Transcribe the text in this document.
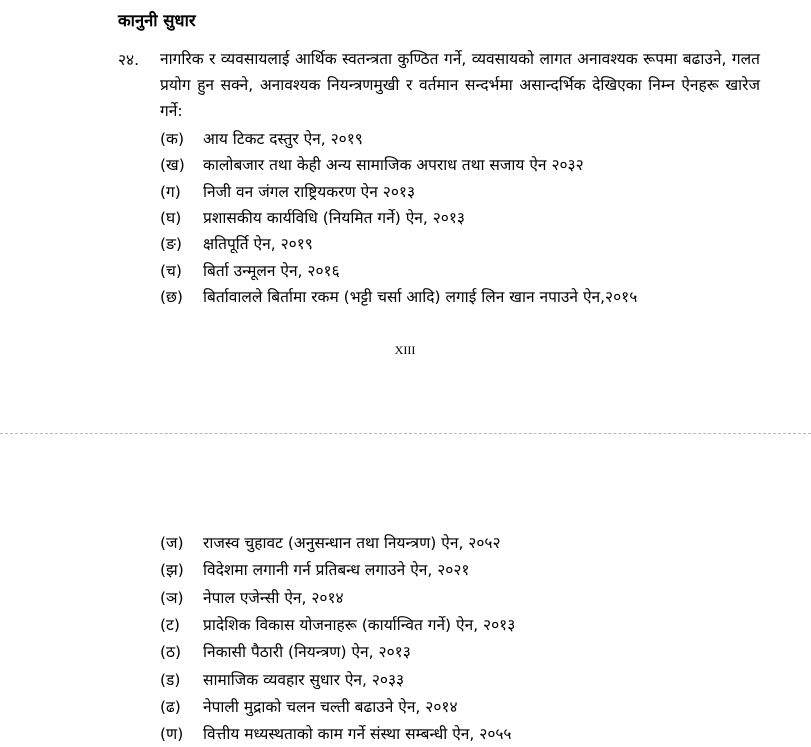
कानुनी सुधार
२४. नागरिक र व्यवसायलाई आर्थिक स्वतन्त्रता कुण्ठित गर्ने, व्यवसायको लागत अनावश्यक रूपमा बढाउने, गलत प्रयोग हुन सक्ने, अनावश्यक नियन्त्रणमुखी र वर्तमान सन्दर्भमा असान्दर्भिक देखिएका निम्न ऐनहरू खारेज गर्ने:

(क)	आय टिकट दस्तुर ऐन, २०१९
(ख)	कालोबजार तथा केही अन्य सामाजिक अपराध तथा सजाय ऐन २०३२
(ग)	निजी वन जंगल राष्ट्रियकरण ऐन २०१३
(घ)	प्रशासकीय कार्यविधि (नियमित गर्ने) ऐन, २०१३
(ङ)	क्षतिपूर्ति ऐन, २०१९
(च)	बिर्ता उन्मूलन ऐन, २०१६
(छ)	बिर्तावालले बिर्तामा रकम (भट्टी चर्सा आदि) लगाई लिन खान नपाउने ऐन,२०१५
XIII
(ज)	राजस्व चुहावट (अनुसन्धान तथा नियन्त्रण) ऐन, २०५२
(झ)	विदेशमा लगानी गर्न प्रतिबन्ध लगाउने ऐन, २०२१
(ञ)	नेपाल एजेन्सी ऐन, २०१४
(ट)	प्रादेशिक विकास योजनाहरू (कार्यान्वित गर्ने) ऐन, २०१३
(ठ)	निकासी पैठारी (नियन्त्रण) ऐन, २०१३
(ड)	सामाजिक व्यवहार सुधार ऐन, २०३३
(ढ)	नेपाली मुद्राको चलन चल्ती बढाउने ऐन, २०१४
(ण)	वित्तीय मध्यस्थताको काम गर्ने संस्था सम्बन्धी ऐन, २०५५
